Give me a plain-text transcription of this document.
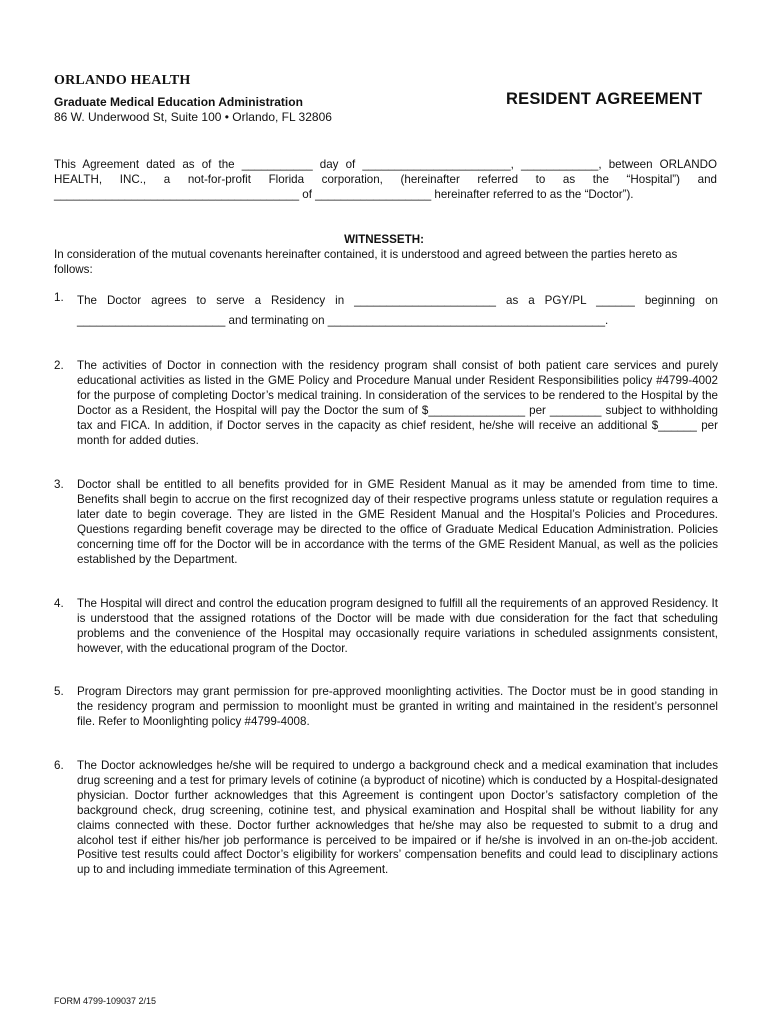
ORLANDO HEALTH
Graduate Medical Education Administration
86 W. Underwood St, Suite 100 • Orlando, FL 32806
RESIDENT AGREEMENT
This Agreement dated as of the ___________ day of _______________________, ____________, between ORLANDO HEALTH, INC., a not-for-profit Florida corporation, (hereinafter referred to as the “Hospital”) and ______________________________________ of __________________ hereinafter referred to as the “Doctor”).
WITNESSETH:
In consideration of the mutual covenants hereinafter contained, it is understood and agreed between the parties hereto as follows:
1. The Doctor agrees to serve a Residency in ______________________ as a PGY/PL ______ beginning on _______________________ and terminating on ___________________________________________.
2. The activities of Doctor in connection with the residency program shall consist of both patient care services and purely educational activities as listed in the GME Policy and Procedure Manual under Resident Responsibilities policy #4799-4002 for the purpose of completing Doctor’s medical training. In consideration of the services to be rendered to the Hospital by the Doctor as a Resident, the Hospital will pay the Doctor the sum of $_______________ per ________ subject to withholding tax and FICA. In addition, if Doctor serves in the capacity as chief resident, he/she will receive an additional $______ per month for added duties.
3. Doctor shall be entitled to all benefits provided for in GME Resident Manual as it may be amended from time to time. Benefits shall begin to accrue on the first recognized day of their respective programs unless statute or regulation requires a later date to begin coverage. They are listed in the GME Resident Manual and the Hospital’s Policies and Procedures. Questions regarding benefit coverage may be directed to the office of Graduate Medical Education Administration. Policies concerning time off for the Doctor will be in accordance with the terms of the GME Resident Manual, as well as the policies established by the Department.
4. The Hospital will direct and control the education program designed to fulfill all the requirements of an approved Residency. It is understood that the assigned rotations of the Doctor will be made with due consideration for the fact that scheduling problems and the convenience of the Hospital may occasionally require variations in scheduled assignments consistent, however, with the educational program of the Doctor.
5. Program Directors may grant permission for pre-approved moonlighting activities. The Doctor must be in good standing in the residency program and permission to moonlight must be granted in writing and maintained in the resident’s personnel file. Refer to Moonlighting policy #4799-4008.
6. The Doctor acknowledges he/she will be required to undergo a background check and a medical examination that includes drug screening and a test for primary levels of cotinine (a byproduct of nicotine) which is conducted by a Hospital-designated physician. Doctor further acknowledges that this Agreement is contingent upon Doctor’s satisfactory completion of the background check, drug screening, cotinine test, and physical examination and Hospital shall be without liability for any claims connected with these. Doctor further acknowledges that he/she may also be requested to submit to a drug and alcohol test if either his/her job performance is perceived to be impaired or if he/she is involved in an on-the-job accident. Positive test results could affect Doctor’s eligibility for workers’ compensation benefits and could lead to disciplinary actions up to and including immediate termination of this Agreement.
FORM 4799-109037 2/15
